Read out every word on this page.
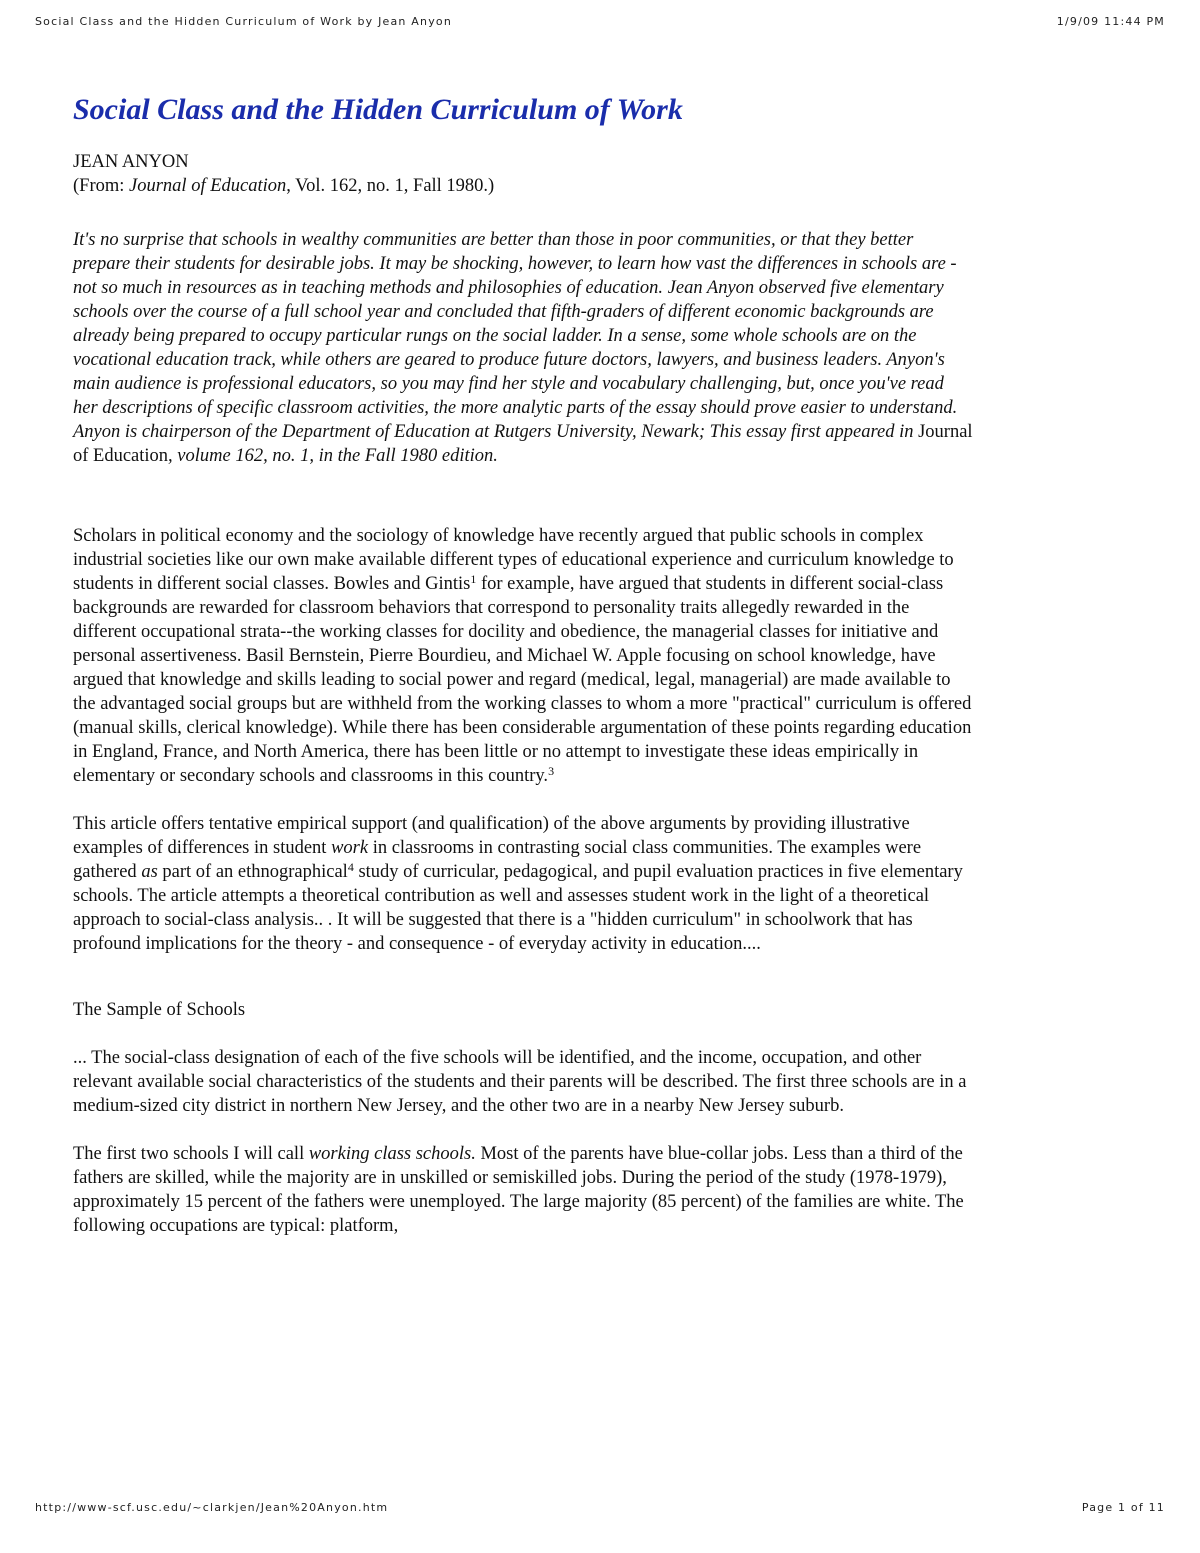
Social Class and the Hidden Curriculum of Work by Jean Anyon	1/9/09 11:44 PM
Social Class and the Hidden Curriculum of Work
JEAN ANYON
(From: Journal of Education, Vol. 162, no. 1, Fall 1980.)
It's no surprise that schools in wealthy communities are better than those in poor communities, or that they better prepare their students for desirable jobs. It may be shocking, however, to learn how vast the differences in schools are - not so much in resources as in teaching methods and philosophies of education. Jean Anyon observed five elementary schools over the course of a full school year and concluded that fifth-graders of different economic backgrounds are already being prepared to occupy particular rungs on the social ladder. In a sense, some whole schools are on the vocational education track, while others are geared to produce future doctors, lawyers, and business leaders. Anyon's main audience is professional educators, so you may find her style and vocabulary challenging, but, once you've read her descriptions of specific classroom activities, the more analytic parts of the essay should prove easier to understand. Anyon is chairperson of the Department of Education at Rutgers University, Newark; This essay first appeared in Journal of Education, volume 162, no. 1, in the Fall 1980 edition.

Scholars in political economy and the sociology of knowledge have recently argued that public schools in complex industrial societies like our own make available different types of educational experience and curriculum knowledge to students in different social classes. Bowles and Gintis$^1$ for example, have argued that students in different social-class backgrounds are rewarded for classroom behaviors that correspond to personality traits allegedly rewarded in the different occupational strata--the working classes for docility and obedience, the managerial classes for initiative and personal assertiveness. Basil Bernstein, Pierre Bourdieu, and Michael W. Apple focusing on school knowledge, have argued that knowledge and skills leading to social power and regard (medical, legal, managerial) are made available to the advantaged social groups but are withheld from the working classes to whom a more "practical" curriculum is offered (manual skills, clerical knowledge). While there has been considerable argumentation of these points regarding education in England, France, and North America, there has been little or no attempt to investigate these ideas empirically in elementary or secondary schools and classrooms in this country.$^3$

This article offers tentative empirical support (and qualification) of the above arguments by providing illustrative examples of differences in student work in classrooms in contrasting social class communities. The examples were gathered as part of an ethnographical$^4$ study of curricular, pedagogical, and pupil evaluation practices in five elementary schools. The article attempts a theoretical contribution as well and assesses student work in the light of a theoretical approach to social-class analysis.. . It will be suggested that there is a "hidden curriculum" in schoolwork that has profound implications for the theory - and consequence - of everyday activity in education....

The Sample of Schools

... The social-class designation of each of the five schools will be identified, and the income, occupation, and other relevant available social characteristics of the students and their parents will be described. The first three schools are in a medium-sized city district in northern New Jersey, and the other two are in a nearby New Jersey suburb.

The first two schools I will call working class schools. Most of the parents have blue-collar jobs. Less than a third of the fathers are skilled, while the majority are in unskilled or semiskilled jobs. During the period of the study (1978-1979), approximately 15 percent of the fathers were unemployed. The large majority (85 percent) of the families are white. The following occupations are typical: platform,

http://www-scf.usc.edu/~clarkjen/Jean%20Anyon.htm	Page 1 of 11
